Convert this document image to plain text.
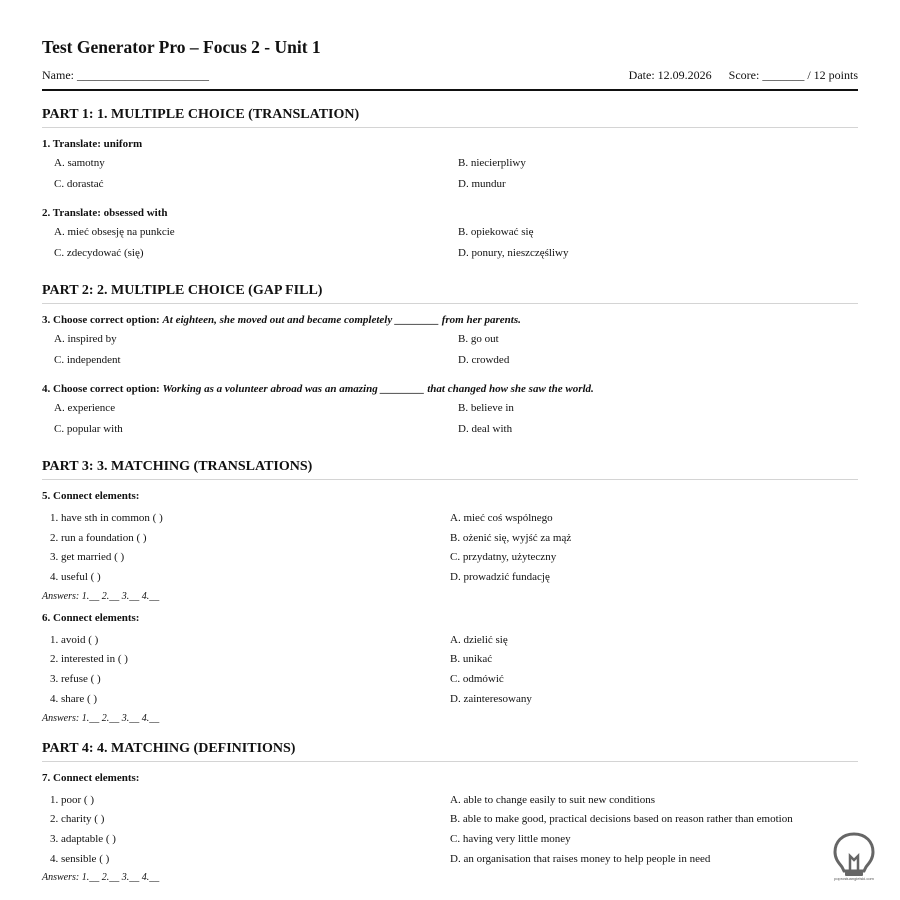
Test Generator Pro – Focus 2 - Unit 1
Name: ______________________	Date: 12.09.2026 Score: _______ / 12 points
PART 1: 1. MULTIPLE CHOICE (TRANSLATION)
1. Translate: uniform
A. samotny	B. niecierpliwy
C. dorastać	D. mundur
2. Translate: obsessed with
A. mieć obsesję na punkcie	B. opiekować się
C. zdecydować (się)	D. ponury, nieszczęśliwy
PART 2: 2. MULTIPLE CHOICE (GAP FILL)
3. Choose correct option: At eighteen, she moved out and became completely ________ from her parents.
A. inspired by	B. go out
C. independent	D. crowded
4. Choose correct option: Working as a volunteer abroad was an amazing ________ that changed how she saw the world.
A. experience	B. believe in
C. popular with	D. deal with
PART 3: 3. MATCHING (TRANSLATIONS)
5. Connect elements:
1. have sth in common ( )	A. mieć coś wspólnego
2. run a foundation ( )	B. ożenić się, wyjść za mąż
3. get married ( )	C. przydatny, użyteczny
4. useful ( )	D. prowadzić fundację
Answers: 1.__ 2.__ 3.__ 4.__
6. Connect elements:
1. avoid ( )	A. dzielić się
2. interested in ( )	B. unikać
3. refuse ( )	C. odmówić
4. share ( )	D. zainteresowany
Answers: 1.__ 2.__ 3.__ 4.__
PART 4: 4. MATCHING (DEFINITIONS)
7. Connect elements:
1. poor ( )	A. able to change easily to suit new conditions
2. charity ( )	B. able to make good, practical decisions based on reason rather than emotion
3. adaptable ( )	C. having very little money
4. sensible ( )	D. an organisation that raises money to help people in need
Answers: 1.__ 2.__ 3.__ 4.__	poprostuangielski.com
